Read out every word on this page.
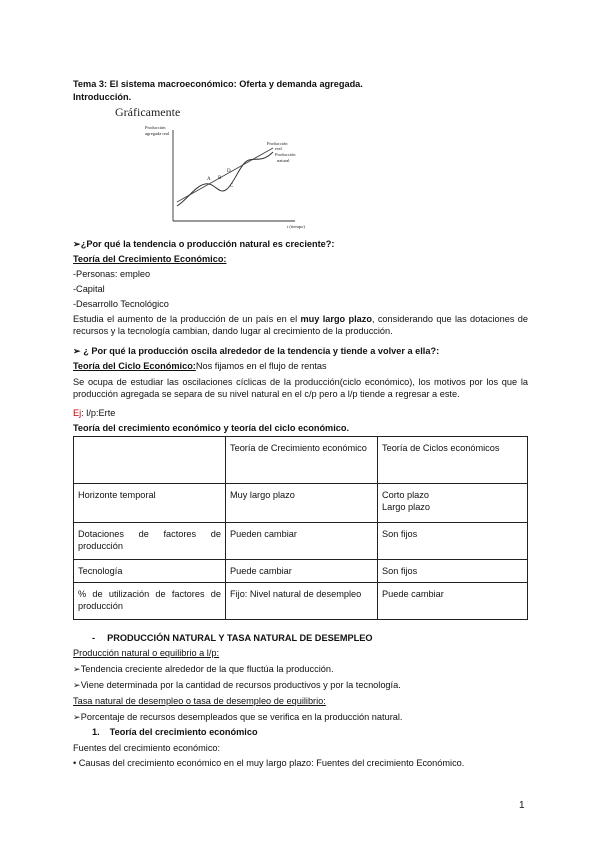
Tema 3: El sistema macroeconómico: Oferta y demanda agregada.
Introducción.
Gráficamente
Producción
agregada real
Producción
real
Producción
natural
A B
C
D
t (tiempo)
➢¿Por qué la tendencia o producción natural es creciente?:
Teoría del Crecimiento Económico:
-Personas: empleo
-Capital
-Desarrollo Tecnológico
Estudia el aumento de la producción de un país en el muy largo plazo, considerando que las dotaciones de recursos y la tecnología cambian, dando lugar al crecimiento de la producción.
➢ ¿ Por qué la producción oscila alrededor de la tendencia y tiende a volver a ella?:
Teoría del Ciclo Económico:Nos fijamos en el flujo de rentas
Se ocupa de estudiar las oscilaciones cíclicas de la producción(ciclo económico), los motivos por los que la producción agregada se separa de su nivel natural en el c/p pero a l/p tiende a regresar a este.
Ej: l/p:Erte
Teoría del crecimiento económico y teoría del ciclo económico.
	Teoría de Crecimiento económico	Teoría de Ciclos económicos
Horizonte temporal	Muy largo plazo	Corto plazo
Largo plazo

Dotaciones de factores de producción	Pueden cambiar	Son fijos
Tecnología	Puede cambiar	Son fijos
% de utilización de factores de producción	Fijo: Nivel natural de desempleo	Puede cambiar
- PRODUCCIÓN NATURAL Y TASA NATURAL DE DESEMPLEO
Producción natural o equilibrio a l/p:
➢Tendencia creciente alrededor de la que fluctúa la producción.
➢Viene determinada por la cantidad de recursos productivos y por la tecnología.
Tasa natural de desempleo o tasa de desempleo de equilibrio:
➢Porcentaje de recursos desempleados que se verifica en la producción natural.
1. Teoría del crecimiento económico
Fuentes del crecimiento económico:
• Causas del crecimiento económico en el muy largo plazo: Fuentes del crecimiento Económico.
1
